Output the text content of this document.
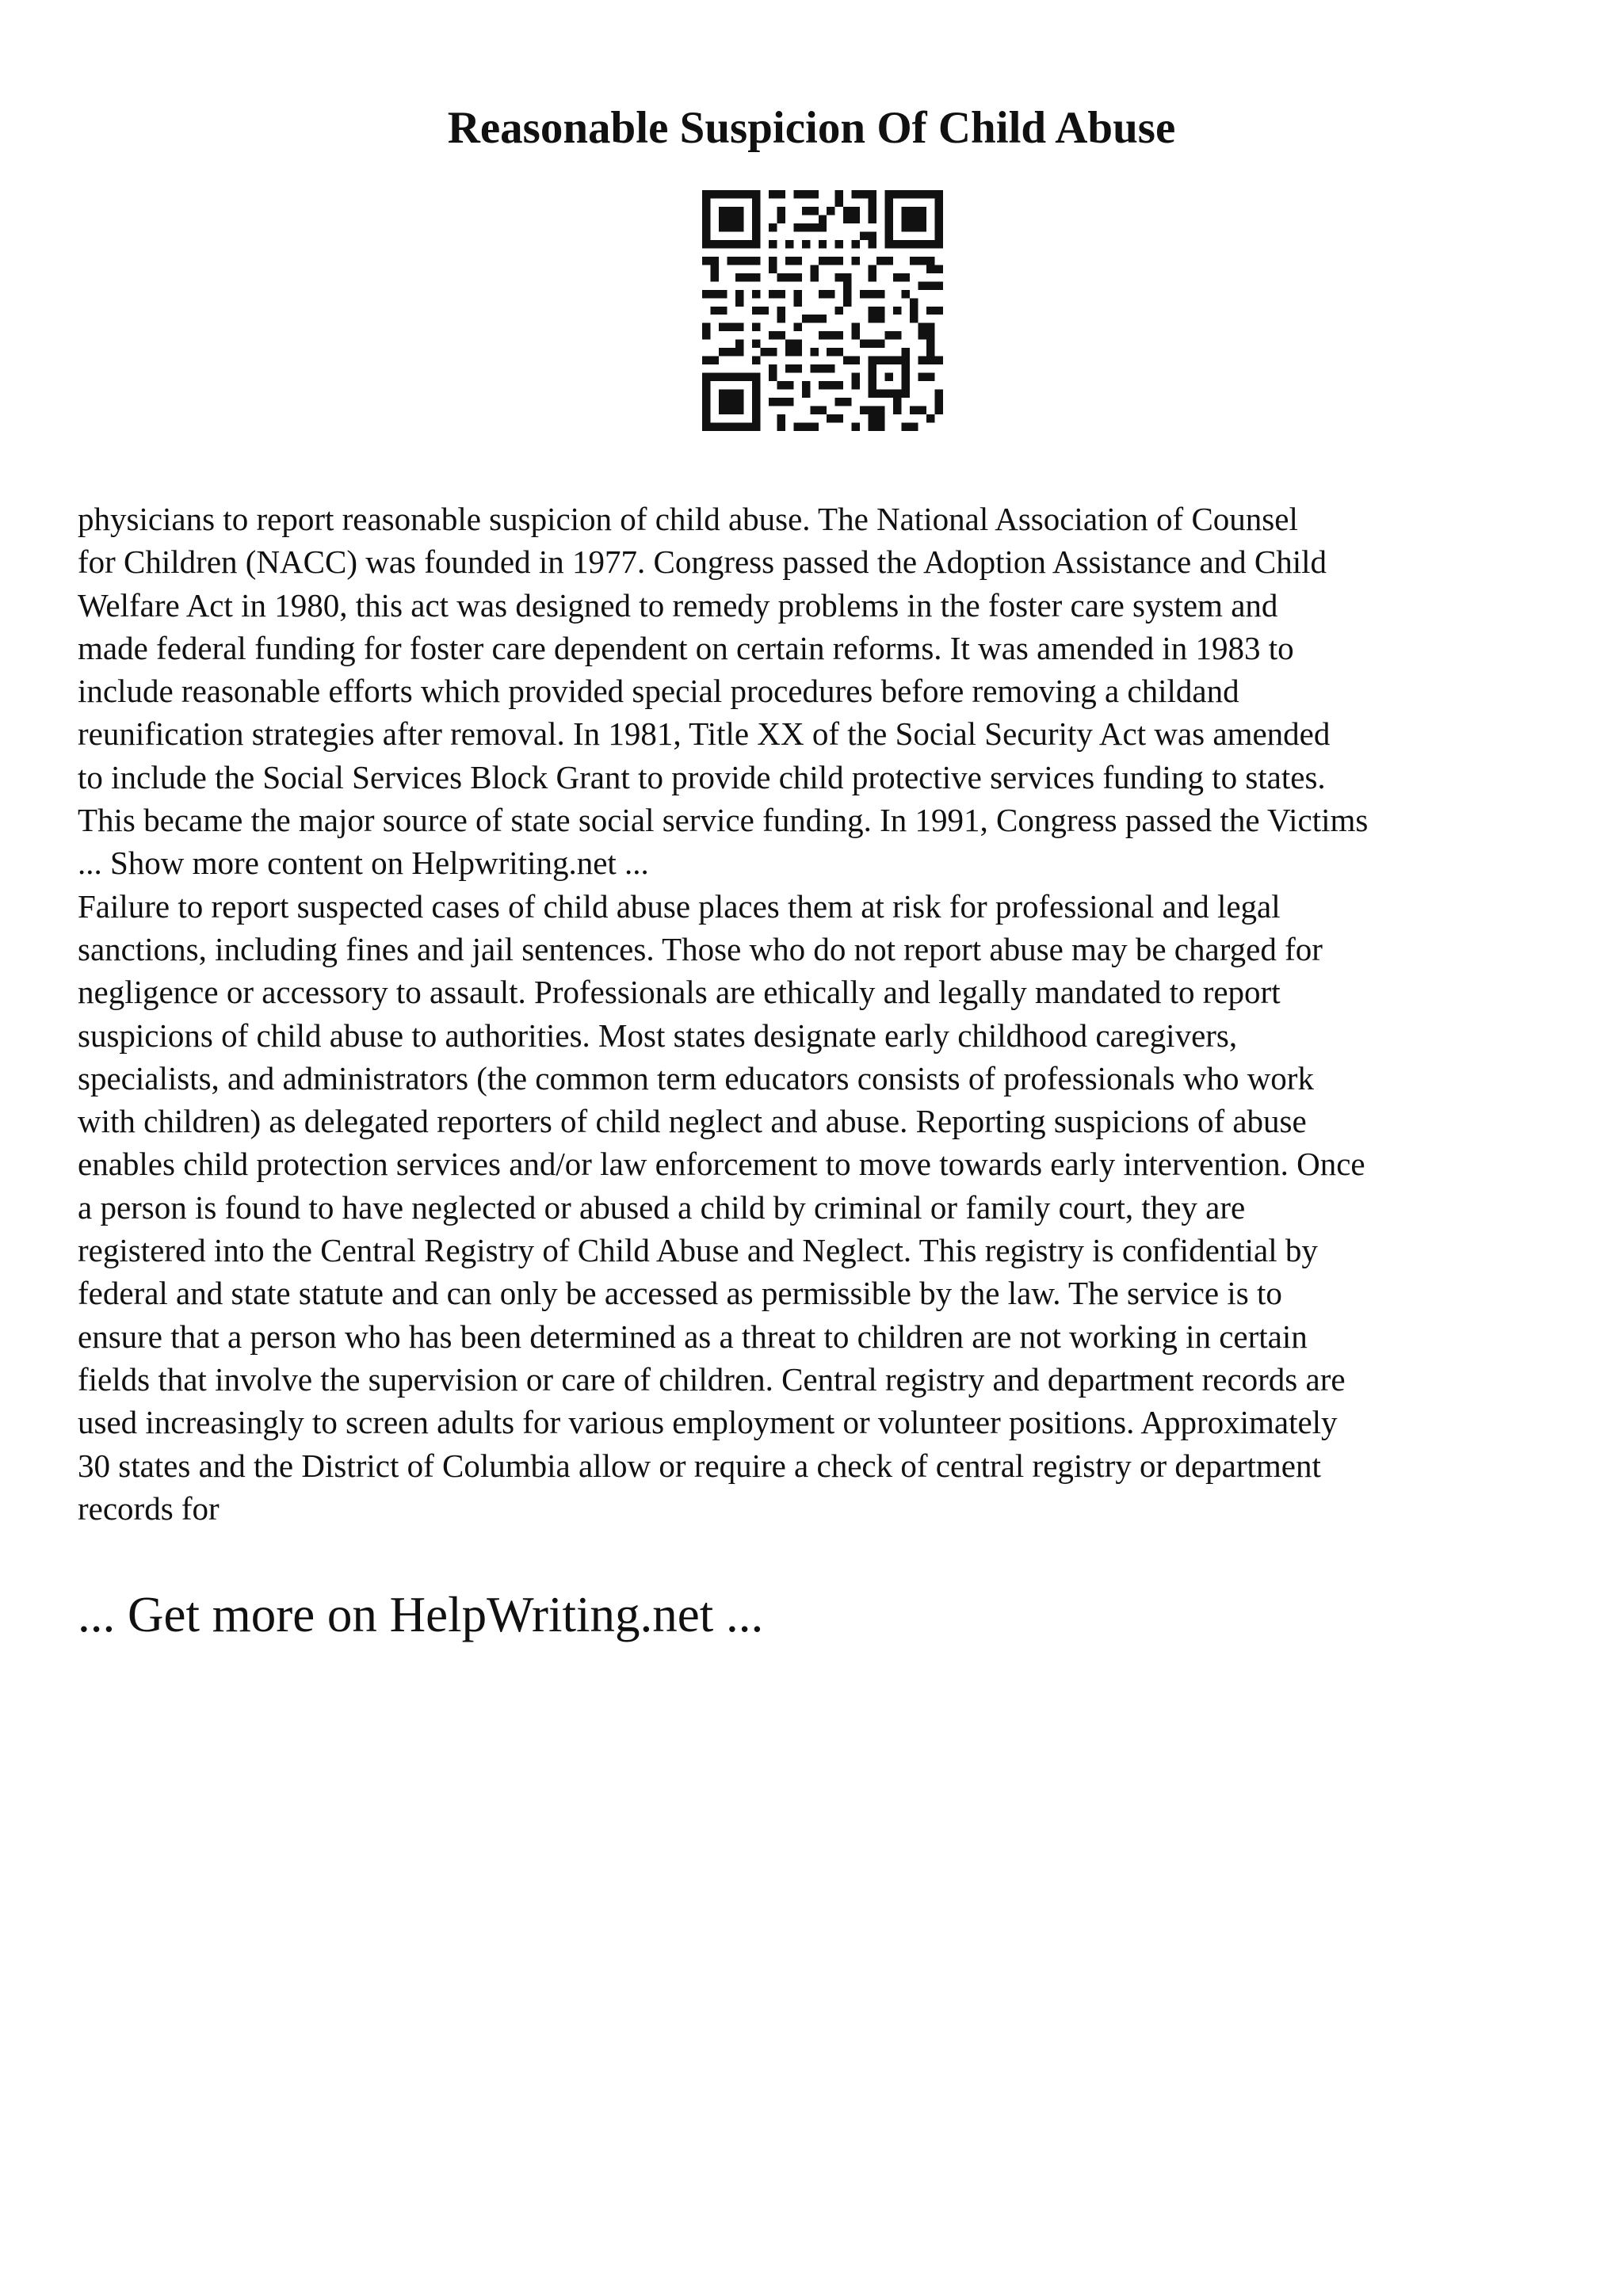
Reasonable Suspicion Of Child Abuse
physicians to report reasonable suspicion of child abuse. The National Association of Counsel
for Children (NACC) was founded in 1977. Congress passed the Adoption Assistance and Child
Welfare Act in 1980, this act was designed to remedy problems in the foster care system and
made federal funding for foster care dependent on certain reforms. It was amended in 1983 to
include reasonable efforts which provided special procedures before removing a childand
reunification strategies after removal. In 1981, Title XX of the Social Security Act was amended
to include the Social Services Block Grant to provide child protective services funding to states.
This became the major source of state social service funding. In 1991, Congress passed the Victims
... Show more content on Helpwriting.net ...
Failure to report suspected cases of child abuse places them at risk for professional and legal
sanctions, including fines and jail sentences. Those who do not report abuse may be charged for
negligence or accessory to assault. Professionals are ethically and legally mandated to report
suspicions of child abuse to authorities. Most states designate early childhood caregivers,
specialists, and administrators (the common term educators consists of professionals who work
with children) as delegated reporters of child neglect and abuse. Reporting suspicions of abuse
enables child protection services and/or law enforcement to move towards early intervention. Once
a person is found to have neglected or abused a child by criminal or family court, they are
registered into the Central Registry of Child Abuse and Neglect. This registry is confidential by
federal and state statute and can only be accessed as permissible by the law. The service is to
ensure that a person who has been determined as a threat to children are not working in certain
fields that involve the supervision or care of children. Central registry and department records are
used increasingly to screen adults for various employment or volunteer positions. Approximately
30 states and the District of Columbia allow or require a check of central registry or department
records for
... Get more on HelpWriting.net ...
